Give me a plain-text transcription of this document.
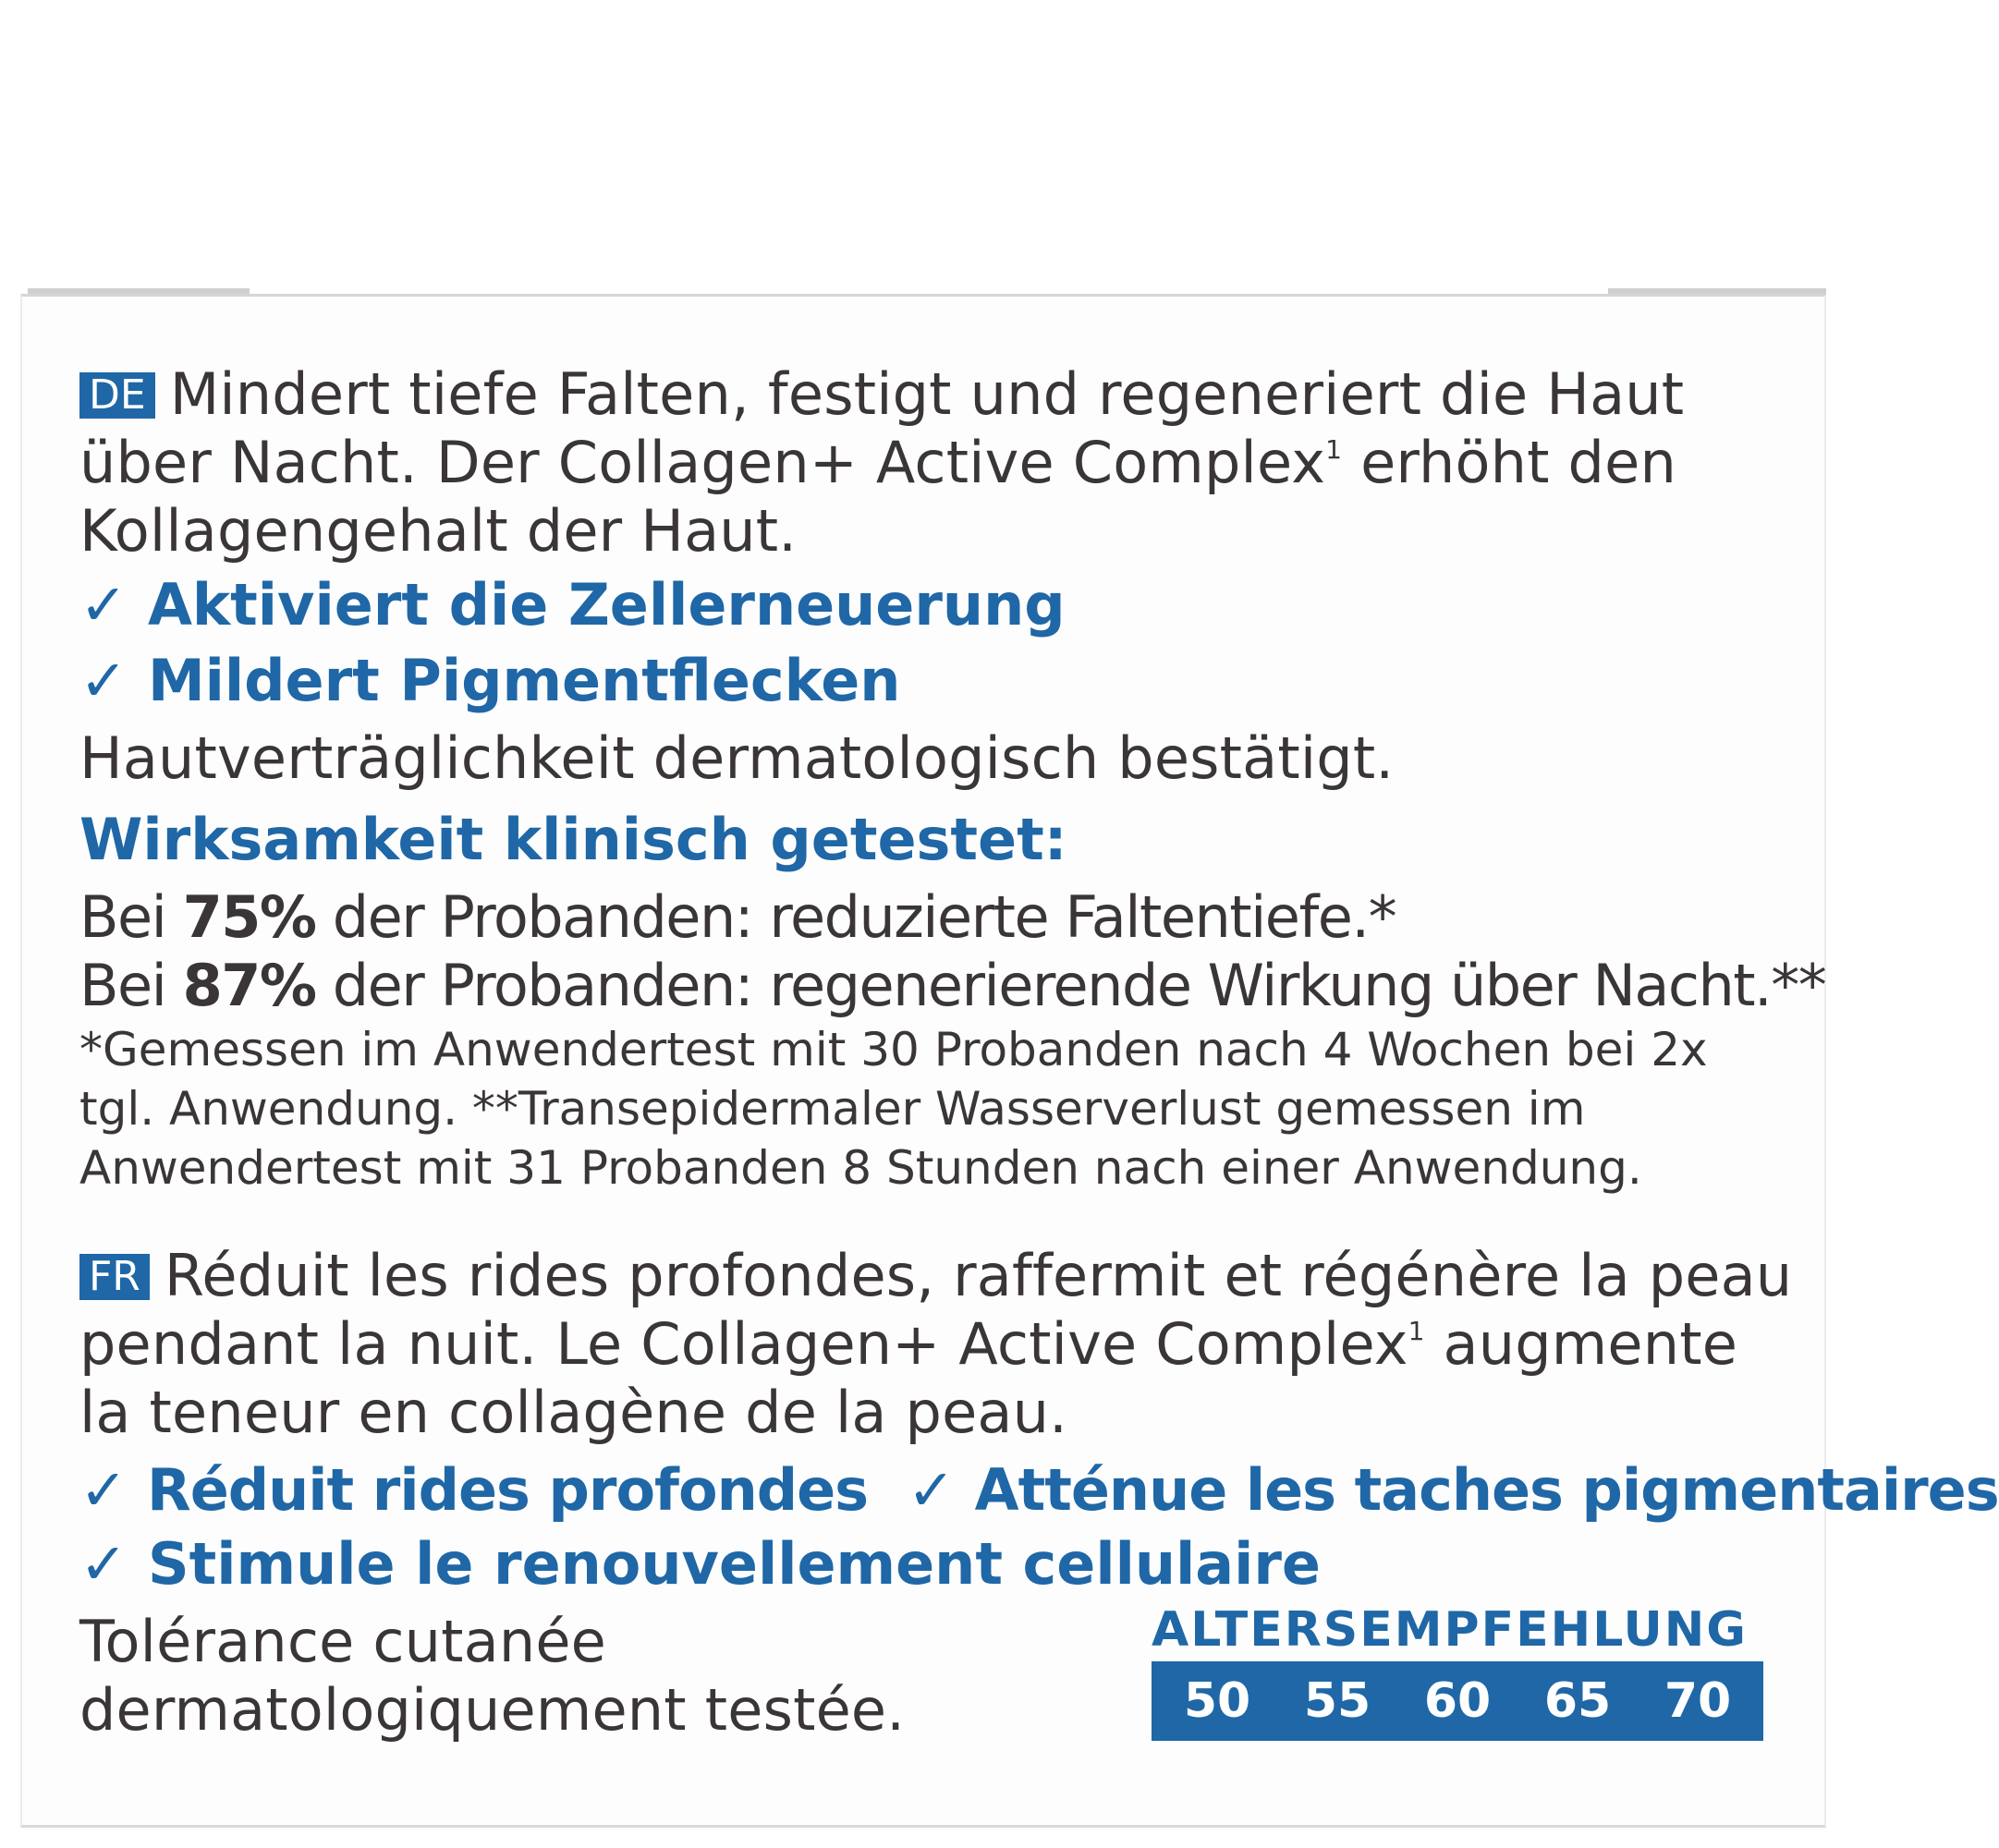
DE Mindert tiefe Falten, festigt und regeneriert die Haut
über Nacht. Der Collagen+ Active Complex$^1$ erhöht den
Kollagengehalt der Haut.
✓ Aktiviert die Zellerneuerung
✓ Mildert Pigmentflecken
Hautverträglichkeit dermatologisch bestätigt.
Wirksamkeit klinisch getestet:
Bei 75% der Probanden: reduzierte Faltentiefe.*
Bei 87% der Probanden: regenerierende Wirkung über Nacht.**
*Gemessen im Anwendertest mit 30 Probanden nach 4 Wochen bei 2x
tgl. Anwendung. **Transepidermaler Wasserverlust gemessen im
Anwendertest mit 31 Probanden 8 Stunden nach einer Anwendung.
FR Réduit les rides profondes, raffermit et régénère la peau
pendant la nuit. Le Collagen+ Active Complex$^1$ augmente
la teneur en collagène de la peau.
✓ Réduit rides profondes ✓ Atténue les taches pigmentaires
✓ Stimule le renouvellement cellulaire
Tolérance cutanée
dermatologiquement testée.
ALTERSEMPFEHLUNG
50 55 60 65 70
